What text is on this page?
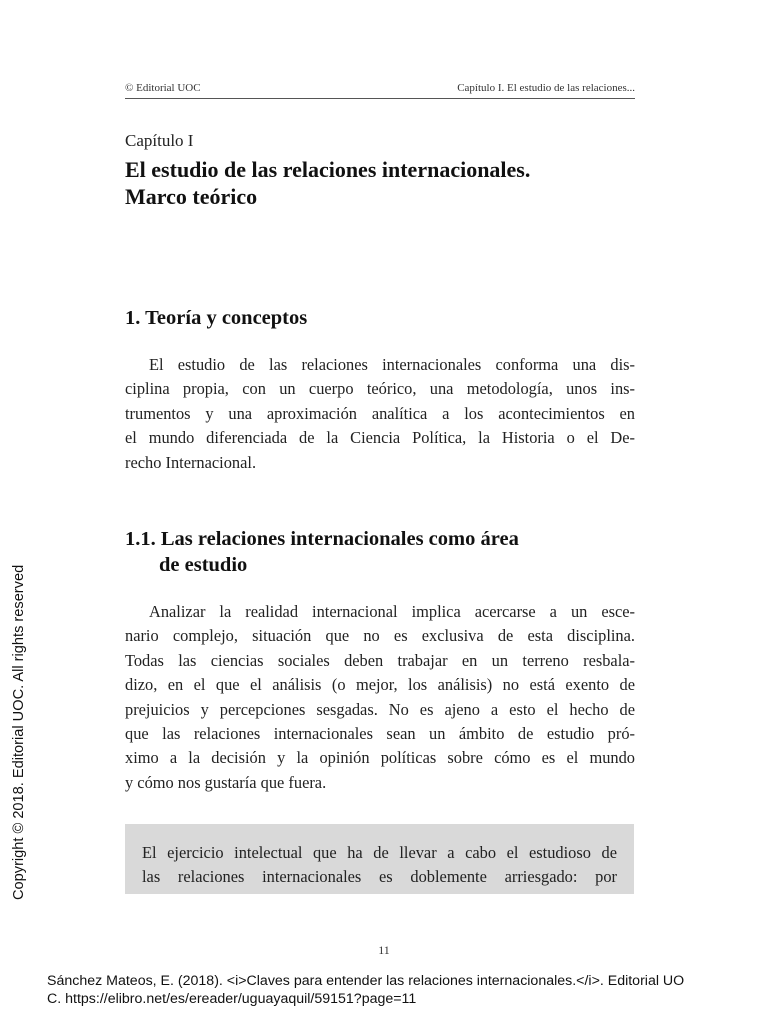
© Editorial UOC	Capítulo I. El estudio de las relaciones...
Capítulo I
El estudio de las relaciones internacionales.
Marco teórico
1. Teoría y conceptos
El estudio de las relaciones internacionales conforma una dis-
ciplina propia, con un cuerpo teórico, una metodología, unos ins-
trumentos y una aproximación analítica a los acontecimientos en
el mundo diferenciada de la Ciencia Política, la Historia o el De-
recho Internacional.
1.1. Las relaciones internacionales como área
de estudio
Analizar la realidad internacional implica acercarse a un esce-
nario complejo, situación que no es exclusiva de esta disciplina.
Todas las ciencias sociales deben trabajar en un terreno resbala-
dizo, en el que el análisis (o mejor, los análisis) no está exento de
prejuicios y percepciones sesgadas. No es ajeno a esto el hecho de
que las relaciones internacionales sean un ámbito de estudio pró-
ximo a la decisión y la opinión políticas sobre cómo es el mundo
y cómo nos gustaría que fuera.
El ejercicio intelectual que ha de llevar a cabo el estudioso de
las relaciones internacionales es doblemente arriesgado: por
11
Copyright © 2018. Editorial UOC. All rights reserved
Sánchez Mateos, E. (2018). <i>Claves para entender las relaciones internacionales.</i>. Editorial UO
C. https://elibro.net/es/ereader/uguayaquil/59151?page=11
